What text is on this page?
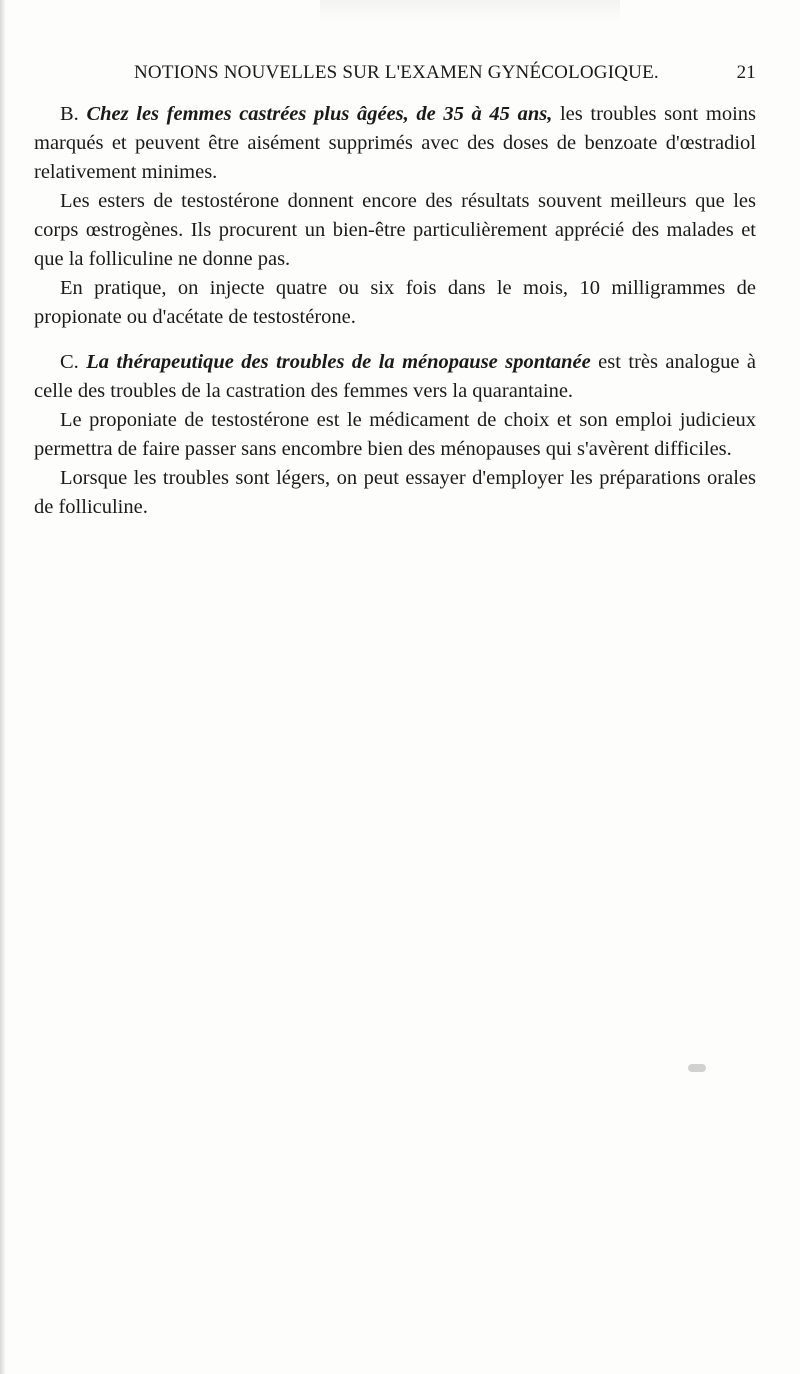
NOTIONS NOUVELLES SUR L'EXAMEN GYNÉCOLOGIQUE.	21

B. Chez les femmes castrées plus âgées, de 35 à 45 ans, les troubles sont moins marqués et peuvent être aisément supprimés avec des doses de benzoate d'œstradiol relativement minimes.

Les esters de testostérone donnent encore des résultats souvent meilleurs que les corps œstrogènes. Ils procurent un bien-être particulièrement apprécié des malades et que la folliculine ne donne pas.

En pratique, on injecte quatre ou six fois dans le mois, 10 milligrammes de propionate ou d'acétate de testostérone.

C. La thérapeutique des troubles de la ménopause spontanée est très analogue à celle des troubles de la castration des femmes vers la quarantaine.

Le proponiate de testostérone est le médicament de choix et son emploi judicieux permettra de faire passer sans encombre bien des ménopauses qui s'avèrent difficiles.

Lorsque les troubles sont légers, on peut essayer d'employer les préparations orales de folliculine.
